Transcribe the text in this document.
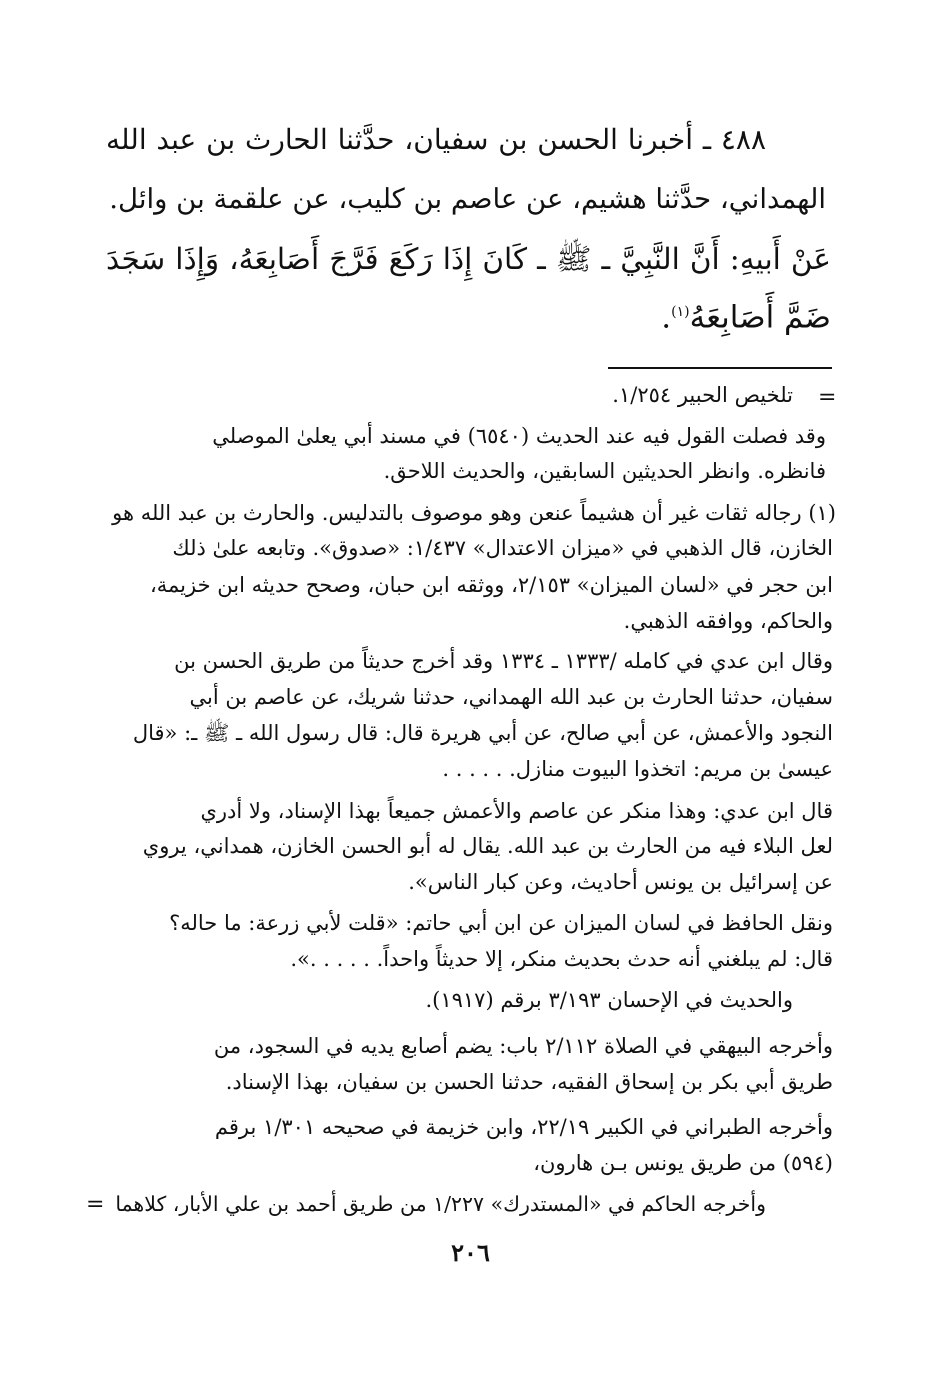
٤٨٨ ـ أخبرنا الحسن بن سفيان، حدَّثنا الحارث بن عبد الله
الهمداني، حدَّثنا هشيم، عن عاصم بن كليب، عن علقمة بن وائل.
عَنْ أَبيهِ: أَنَّ النَّبِيَّ ـ ﷺ ـ كَانَ إِذَا رَكَعَ فَرَّجَ أَصَابِعَهُ، وَإِذَا سَجَدَ
ضَمَّ أَصَابِعَهُ$^{(١)}$.
=
=
تلخيص الحبير ١/٢٥٤.
وقد فصلت القول فيه عند الحديث (٦٥٤٠) في مسند أبي يعلىٰ الموصلي
فانظره. وانظر الحديثين السابقين، والحديث اللاحق.
(١) رجاله ثقات غير أن هشيماً عنعن وهو موصوف بالتدليس. والحارث بن عبد الله هو
الخازن، قال الذهبي في «ميزان الاعتدال» ١/٤٣٧: «صدوق». وتابعه علىٰ ذلك
ابن حجر في «لسان الميزان» ٢/١٥٣، ووثقه ابن حبان، وصحح حديثه ابن خزيمة،
والحاكم، ووافقه الذهبي.
وقال ابن عدي في كامله /١٣٣٣ ـ ١٣٣٤ وقد أخرج حديثاً من طريق الحسن بن
سفيان، حدثنا الحارث بن عبد الله الهمداني، حدثنا شريك، عن عاصم بن أبي
النجود والأعمش، عن أبي صالح، عن أبي هريرة قال: قال رسول الله ـ ﷺ ـ: «قال
عيسىٰ بن مريم: اتخذوا البيوت منازل. . . . . .
قال ابن عدي: وهذا منكر عن عاصم والأعمش جميعاً بهذا الإسناد، ولا أدري
لعل البلاء فيه من الحارث بن عبد الله. يقال له أبو الحسن الخازن، همداني، يروي
عن إسرائيل بن يونس أحاديث، وعن كبار الناس».
ونقل الحافظ في لسان الميزان عن ابن أبي حاتم: «قلت لأبي زرعة: ما حاله؟
قال: لم يبلغني أنه حدث بحديث منكر، إلا حديثاً واحداً. . . . . .».
والحديث في الإحسان ٣/١٩٣ برقم (١٩١٧).
وأخرجه البيهقي في الصلاة ٢/١١٢ باب: يضم أصابع يديه في السجود، من
طريق أبي بكر بن إسحاق الفقيه، حدثنا الحسن بن سفيان، بهذا الإسناد.
وأخرجه الطبراني في الكبير ٢٢/١٩، وابن خزيمة في صحيحه ١/٣٠١ برقم
(٥٩٤) من طريق يونس بـن هارون،
وأخرجه الحاكم في «المستدرك» ١/٢٢٧ من طريق أحمد بن علي الأبار، كلاهما
٢٠٦
